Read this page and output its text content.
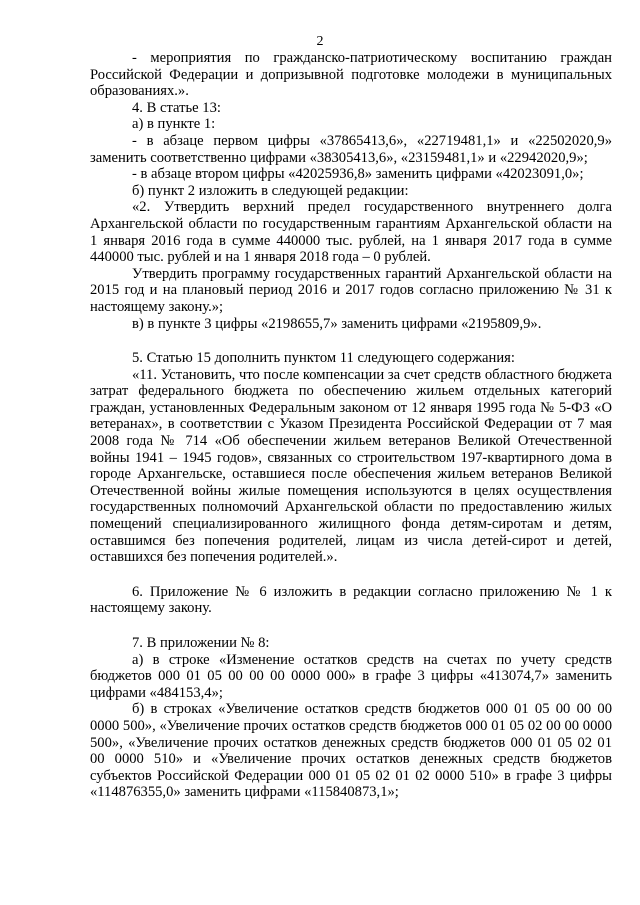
2

- мероприятия по гражданско-патриотическому воспитанию граждан Российской Федерации и допризывной подготовке молодежи в муниципальных образованиях.».

4. В статье 13:

а) в пункте 1:

- в абзаце первом цифры «37865413,6», «22719481,1» и «22502020,9» заменить соответственно цифрами «38305413,6», «23159481,1» и «22942020,9»;

- в абзаце втором цифры «42025936,8» заменить цифрами «42023091,0»;

б) пункт 2 изложить в следующей редакции:

«2. Утвердить верхний предел государственного внутреннего долга Архангельской области по государственным гарантиям Архангельской области на 1 января 2016 года в сумме 440000 тыс. рублей, на 1 января 2017 года в сумме 440000 тыс. рублей и на 1 января 2018 года – 0 рублей.

Утвердить программу государственных гарантий Архангельской области на 2015 год и на плановый период 2016 и 2017 годов согласно приложению № 31 к настоящему закону.»;

в) в пункте 3 цифры «2198655,7» заменить цифрами «2195809,9».

5. Статью 15 дополнить пунктом 11 следующего содержания:

«11. Установить, что после компенсации за счет средств областного бюджета затрат федерального бюджета по обеспечению жильем отдельных категорий граждан, установленных Федеральным законом от 12 января 1995 года № 5-ФЗ «О ветеранах», в соответствии с Указом Президента Российской Федерации от 7 мая 2008 года № 714 «Об обеспечении жильем ветеранов Великой Отечественной войны 1941 – 1945 годов», связанных со строительством 197-квартирного дома в городе Архангельске, оставшиеся после обеспечения жильем ветеранов Великой Отечественной войны жилые помещения используются в целях осуществления государственных полномочий Архангельской области по предоставлению жилых помещений специализированного жилищного фонда детям-сиротам и детям, оставшимся без попечения родителей, лицам из числа детей-сирот и детей, оставшихся без попечения родителей.».

6. Приложение № 6 изложить в редакции согласно приложению № 1 к настоящему закону.

7. В приложении № 8:

а) в строке «Изменение остатков средств на счетах по учету средств бюджетов 000 01 05 00 00 00 0000 000» в графе 3 цифры «413074,7» заменить цифрами «484153,4»;

б) в строках «Увеличение остатков средств бюджетов 000 01 05 00 00 00 0000 500», «Увеличение прочих остатков средств бюджетов 000 01 05 02 00 00 0000 500», «Увеличение прочих остатков денежных средств бюджетов 000 01 05 02 01 00 0000 510» и «Увеличение прочих остатков денежных средств бюджетов субъектов Российской Федерации 000 01 05 02 01 02 0000 510» в графе 3 цифры «114876355,0» заменить цифрами «115840873,1»;
